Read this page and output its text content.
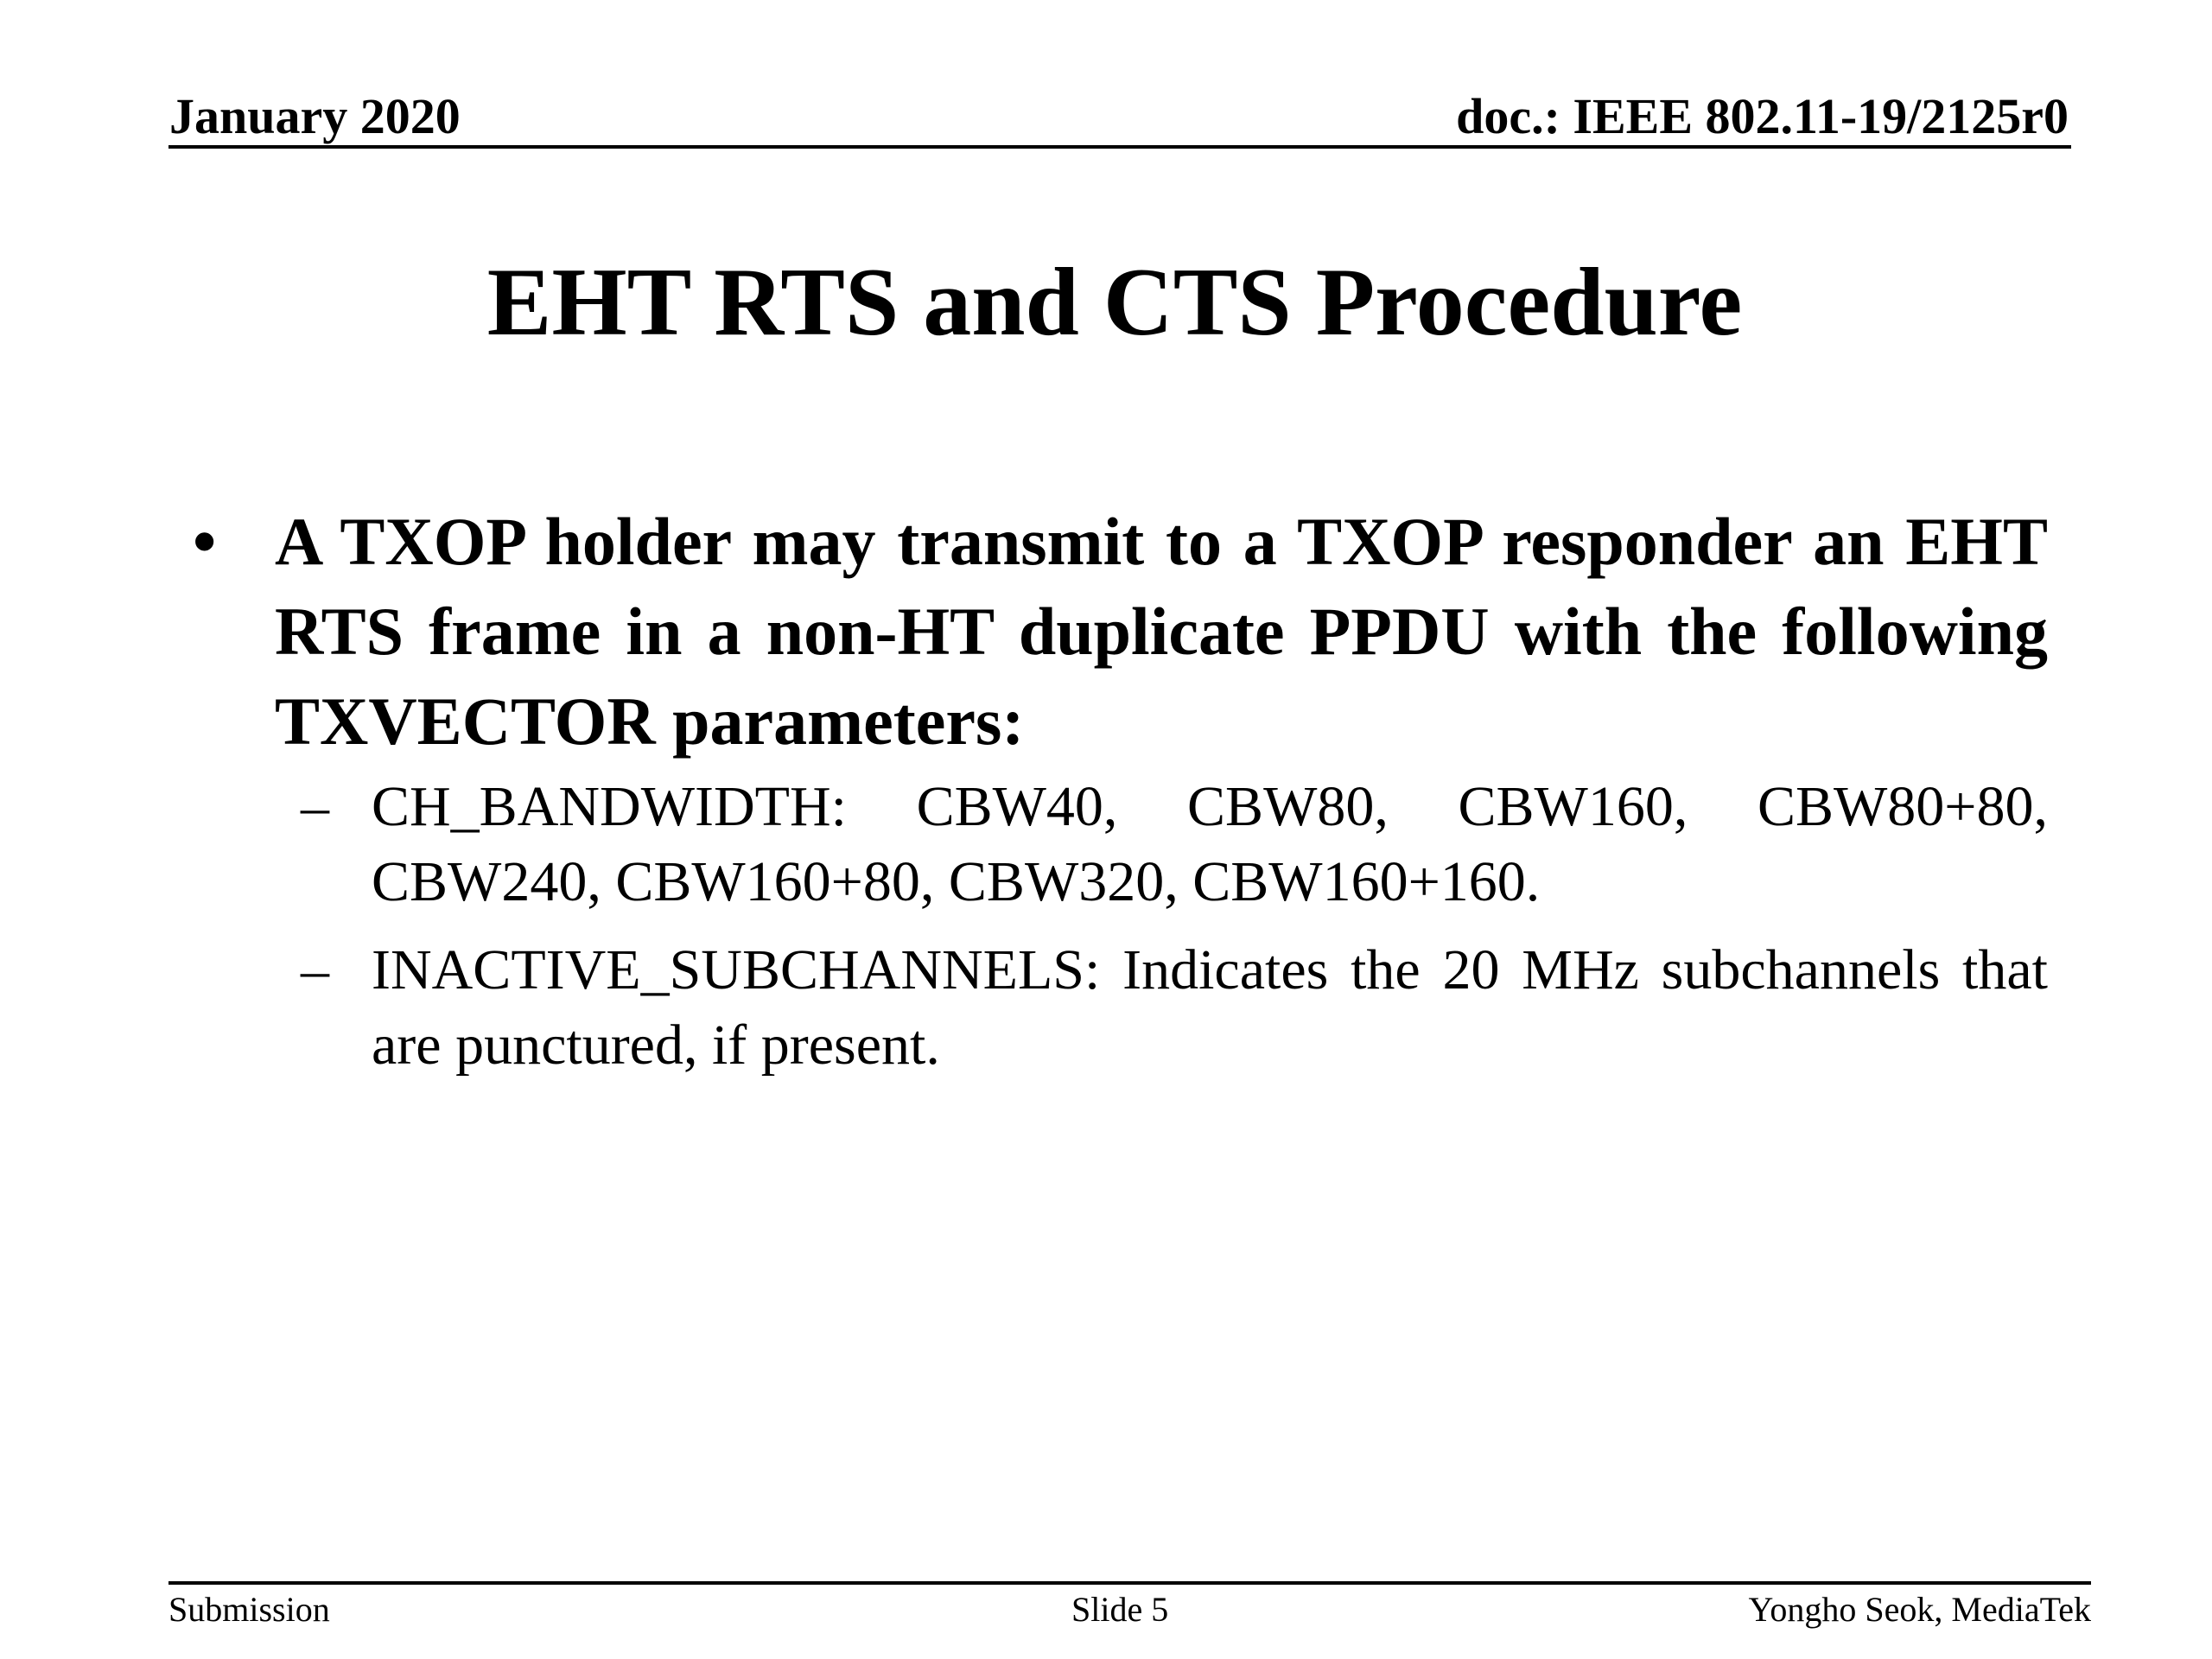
January 2020	doc.: IEEE 802.11-19/2125r0
EHT RTS and CTS Procedure
• A TXOP holder may transmit to a TXOP responder an EHT RTS frame in a non-HT duplicate PPDU with the following TXVECTOR parameters:
– CH_BANDWIDTH: CBW40, CBW80, CBW160, CBW80+80, CBW240, CBW160+80, CBW320, CBW160+160.
– INACTIVE_SUBCHANNELS: Indicates the 20 MHz subchannels that are punctured, if present.
Submission	Slide 5	Yongho Seok, MediaTek
